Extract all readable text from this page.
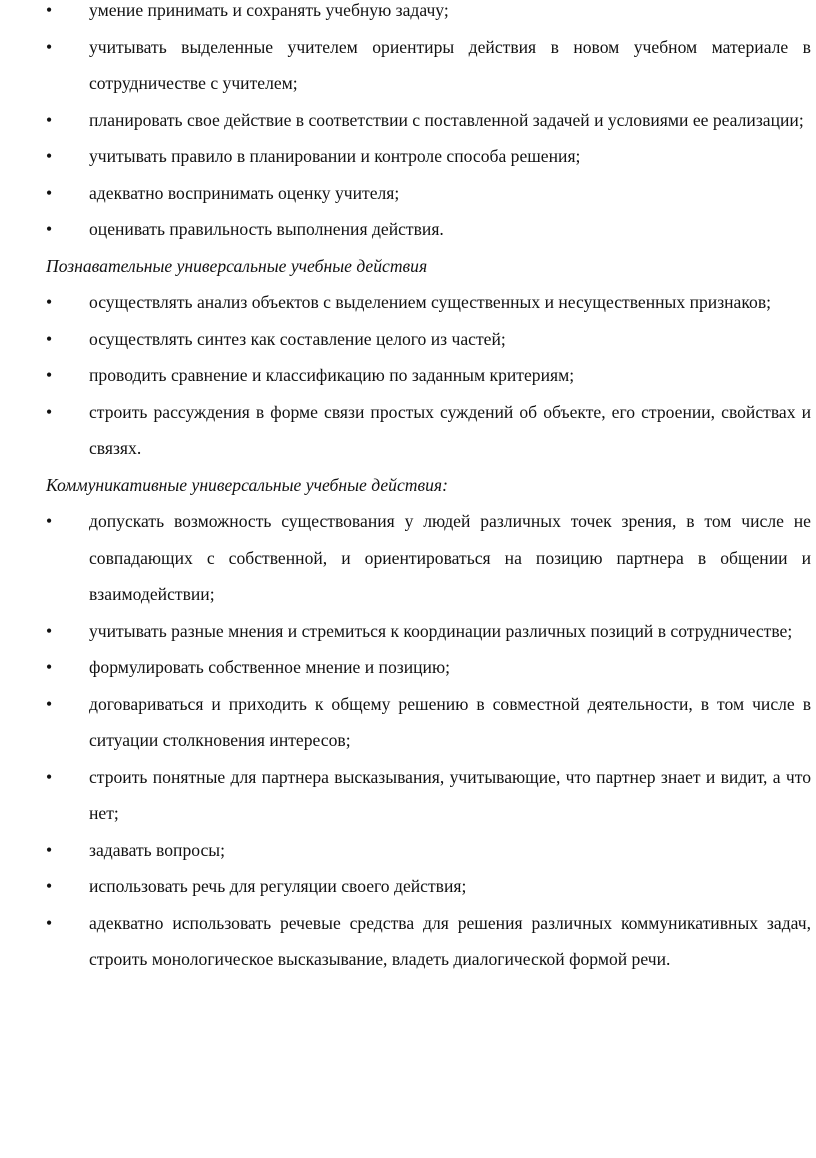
• умение принимать и сохранять учебную задачу;
• учитывать выделенные учителем ориентиры действия в новом учебном материале в сотрудничестве с учителем;
• планировать свое действие в соответствии с поставленной задачей и условиями ее реализации;
• учитывать правило в планировании и контроле способа решения;
• адекватно воспринимать оценку учителя;
• оценивать правильность выполнения действия.

Познавательные универсальные учебные действия

• осуществлять анализ объектов с выделением существенных и несущественных признаков;
• осуществлять синтез как составление целого из частей;
• проводить сравнение и классификацию по заданным критериям;
• строить рассуждения в форме связи простых суждений об объекте, его строении, свойствах и связях.

Коммуникативные универсальные учебные действия:

• допускать возможность существования у людей различных точек зрения, в том числе не совпадающих с собственной, и ориентироваться на позицию партнера в общении и взаимодействии;
• учитывать разные мнения и стремиться к координации различных позиций в сотрудничестве;
• формулировать собственное мнение и позицию;
• договариваться и приходить к общему решению в совместной деятельности, в том числе в ситуации столкновения интересов;
• строить понятные для партнера высказывания, учитывающие, что партнер знает и видит, а что нет;
• задавать вопросы;
• использовать речь для регуляции своего действия;
• адекватно использовать речевые средства для решения различных коммуникативных задач, строить монологическое высказывание, владеть диалогической формой речи.
